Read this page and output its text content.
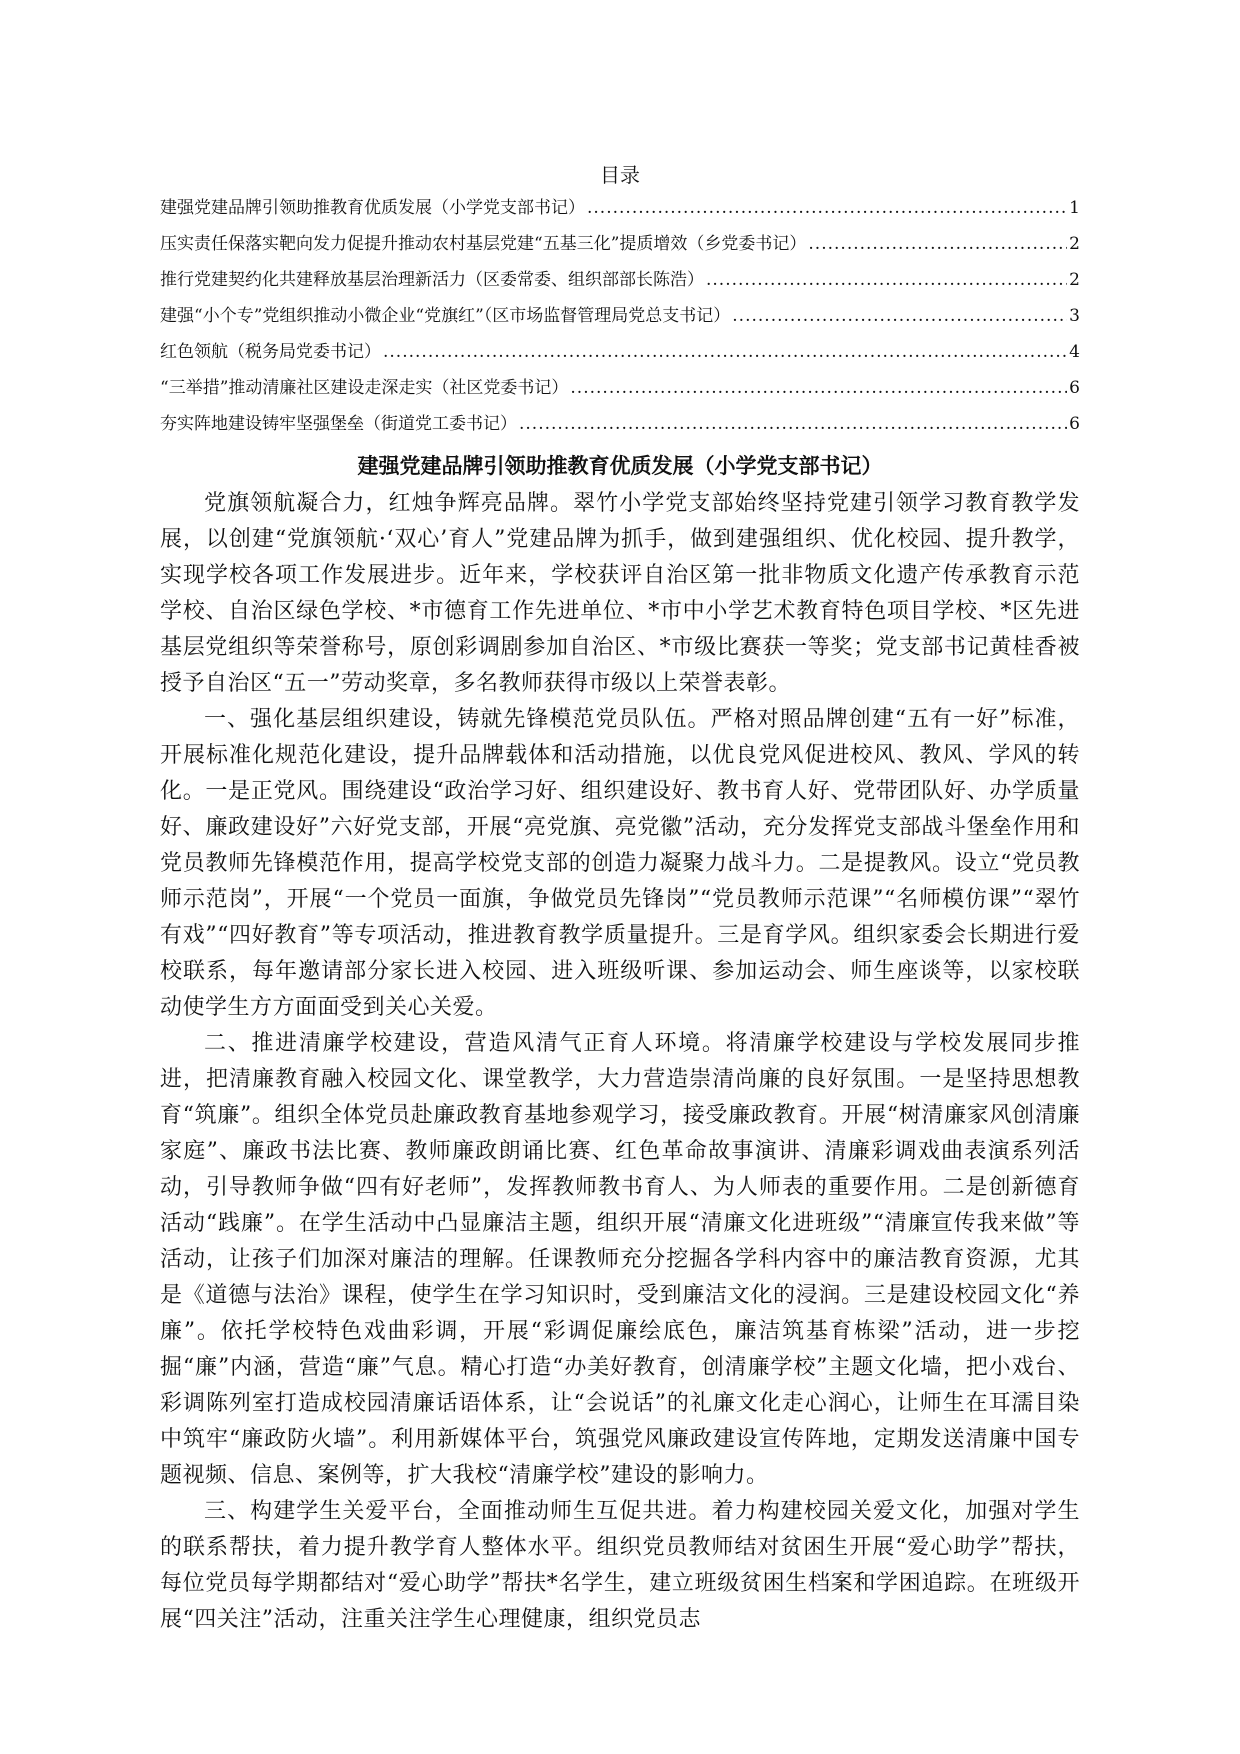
目录
建强党建品牌引领助推教育优质发展（小学党支部书记） .....	1
压实责任保落实靶向发力促提升推动农村基层党建“五基三化”提质增效（乡党委书记） .....	2
推行党建契约化共建释放基层治理新活力（区委常委、组织部部长陈浩） .....	2
建强“小个专”党组织推动小微企业“党旗红”（区市场监督管理局党总支书记） .....	3
红色领航（税务局党委书记） .....	4
“三举措”推动清廉社区建设走深走实（社区党委书记） .....	6
夯实阵地建设铸牢坚强堡垒（街道党工委书记） .....	6
建强党建品牌引领助推教育优质发展（小学党支部书记）

党旗领航凝合力，红烛争辉亮品牌。翠竹小学党支部始终坚持党建引领学习教育教学发展，以创建“党旗领航·‘双心’育人”党建品牌为抓手，做到建强组织、优化校园、提升教学，实现学校各项工作发展进步。近年来，学校获评自治区第一批非物质文化遗产传承教育示范学校、自治区绿色学校、*市德育工作先进单位、*市中小学艺术教育特色项目学校、*区先进基层党组织等荣誉称号，原创彩调剧参加自治区、*市级比赛获一等奖；党支部书记黄桂香被授予自治区“五一”劳动奖章，多名教师获得市级以上荣誉表彰。

一、强化基层组织建设，铸就先锋模范党员队伍。严格对照品牌创建“五有一好”标准，开展标准化规范化建设，提升品牌载体和活动措施，以优良党风促进校风、教风、学风的转化。一是正党风。围绕建设“政治学习好、组织建设好、教书育人好、党带团队好、办学质量好、廉政建设好”六好党支部，开展“亮党旗、亮党徽”活动，充分发挥党支部战斗堡垒作用和党员教师先锋模范作用，提高学校党支部的创造力凝聚力战斗力。二是提教风。设立“党员教师示范岗”，开展“一个党员一面旗，争做党员先锋岗”“党员教师示范课”“名师模仿课”“翠竹有戏”“四好教育”等专项活动，推进教育教学质量提升。三是育学风。组织家委会长期进行爱校联系，每年邀请部分家长进入校园、进入班级听课、参加运动会、师生座谈等，以家校联动使学生方方面面受到关心关爱。

二、推进清廉学校建设，营造风清气正育人环境。将清廉学校建设与学校发展同步推进，把清廉教育融入校园文化、课堂教学，大力营造崇清尚廉的良好氛围。一是坚持思想教育“筑廉”。组织全体党员赴廉政教育基地参观学习，接受廉政教育。开展“树清廉家风创清廉家庭”、廉政书法比赛、教师廉政朗诵比赛、红色革命故事演讲、清廉彩调戏曲表演系列活动，引导教师争做“四有好老师”，发挥教师教书育人、为人师表的重要作用。二是创新德育活动“践廉”。在学生活动中凸显廉洁主题，组织开展“清廉文化进班级”“清廉宣传我来做”等活动，让孩子们加深对廉洁的理解。任课教师充分挖掘各学科内容中的廉洁教育资源，尤其是《道德与法治》课程，使学生在学习知识时，受到廉洁文化的浸润。三是建设校园文化“养廉”。依托学校特色戏曲彩调，开展“彩调促廉绘底色，廉洁筑基育栋梁”活动，进一步挖掘“廉”内涵，营造“廉”气息。精心打造“办美好教育，创清廉学校”主题文化墙，把小戏台、彩调陈列室打造成校园清廉话语体系，让“会说话”的礼廉文化走心润心，让师生在耳濡目染中筑牢“廉政防火墙”。利用新媒体平台，筑强党风廉政建设宣传阵地，定期发送清廉中国专题视频、信息、案例等，扩大我校“清廉学校”建设的影响力。

三、构建学生关爱平台，全面推动师生互促共进。着力构建校园关爱文化，加强对学生的联系帮扶，着力提升教学育人整体水平。组织党员教师结对贫困生开展“爱心助学”帮扶，每位党员每学期都结对“爱心助学”帮扶*名学生，建立班级贫困生档案和学困追踪。在班级开展“四关注”活动，注重关注学生心理健康，组织党员志
